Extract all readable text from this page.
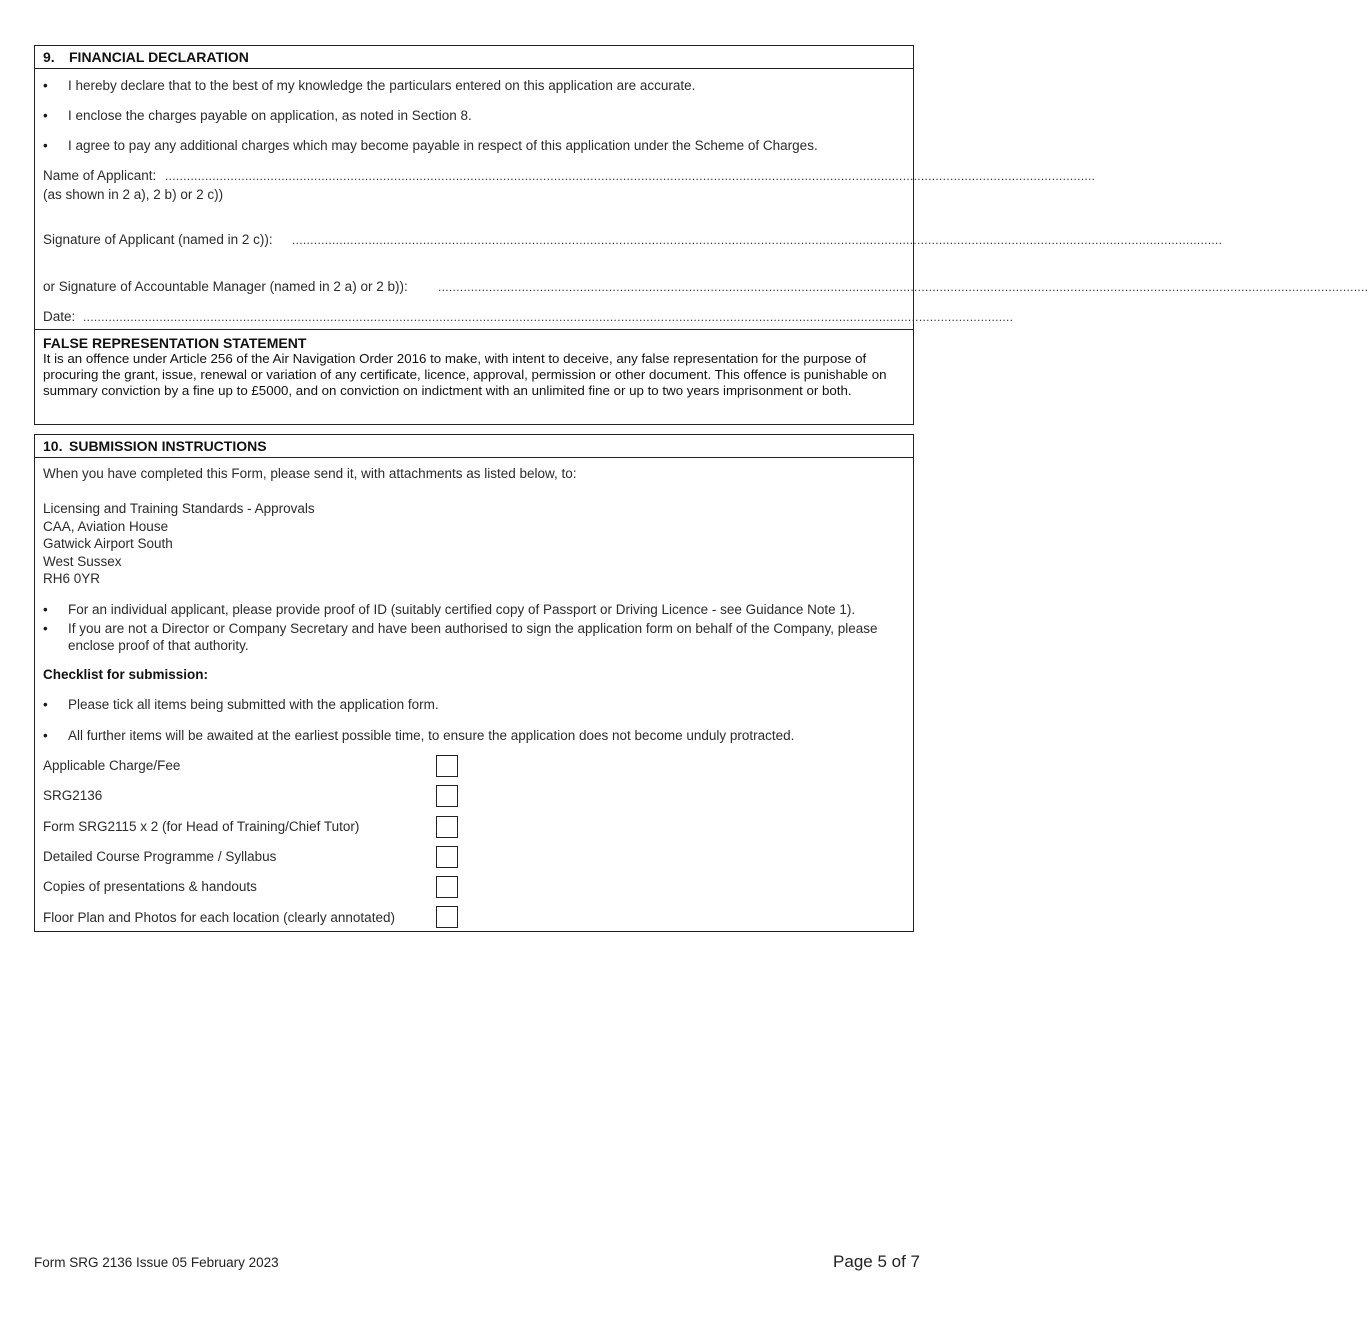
9. FINANCIAL DECLARATION
• I hereby declare that to the best of my knowledge the particulars entered on this application are accurate.
• I enclose the charges payable on application, as noted in Section 8.
• I agree to pay any additional charges which may become payable in respect of this application under the Scheme of Charges.
Name of Applicant: ................................................................................................................................................................................................................................................................
(as shown in 2 a), 2 b) or 2 c))
Signature of Applicant (named in 2 c)): ................................................................................................................................................................................................................................................................
or Signature of Accountable Manager (named in 2 a) or 2 b)):	................................................................................................................................................................................................................................................................
Date: ................................................................................................................................................................................................................................................................
FALSE REPRESENTATION STATEMENT
It is an offence under Article 256 of the Air Navigation Order 2016 to make, with intent to deceive, any false representation for the purpose of procuring the grant, issue, renewal or variation of any certificate, licence, approval, permission or other document. This offence is punishable on summary conviction by a fine up to £5000, and on conviction on indictment with an unlimited fine or up to two years imprisonment or both.
10. SUBMISSION INSTRUCTIONS
When you have completed this Form, please send it, with attachments as listed below, to:
Licensing and Training Standards - Approvals
CAA, Aviation House
Gatwick Airport South
West Sussex
RH6 0YR
• For an individual applicant, please provide proof of ID (suitably certified copy of Passport or Driving Licence - see Guidance Note 1).
• If you are not a Director or Company Secretary and have been authorised to sign the application form on behalf of the Company, please
enclose proof of that authority.
Checklist for submission:
• Please tick all items being submitted with the application form.
• All further items will be awaited at the earliest possible time, to ensure the application does not become unduly protracted.
Applicable Charge/Fee
SRG2136
Form SRG2115 x 2 (for Head of Training/Chief Tutor)
Detailed Course Programme / Syllabus
Copies of presentations & handouts
Floor Plan and Photos for each location (clearly annotated)
Form SRG 2136 Issue 05 February 2023	Page 5 of 7
